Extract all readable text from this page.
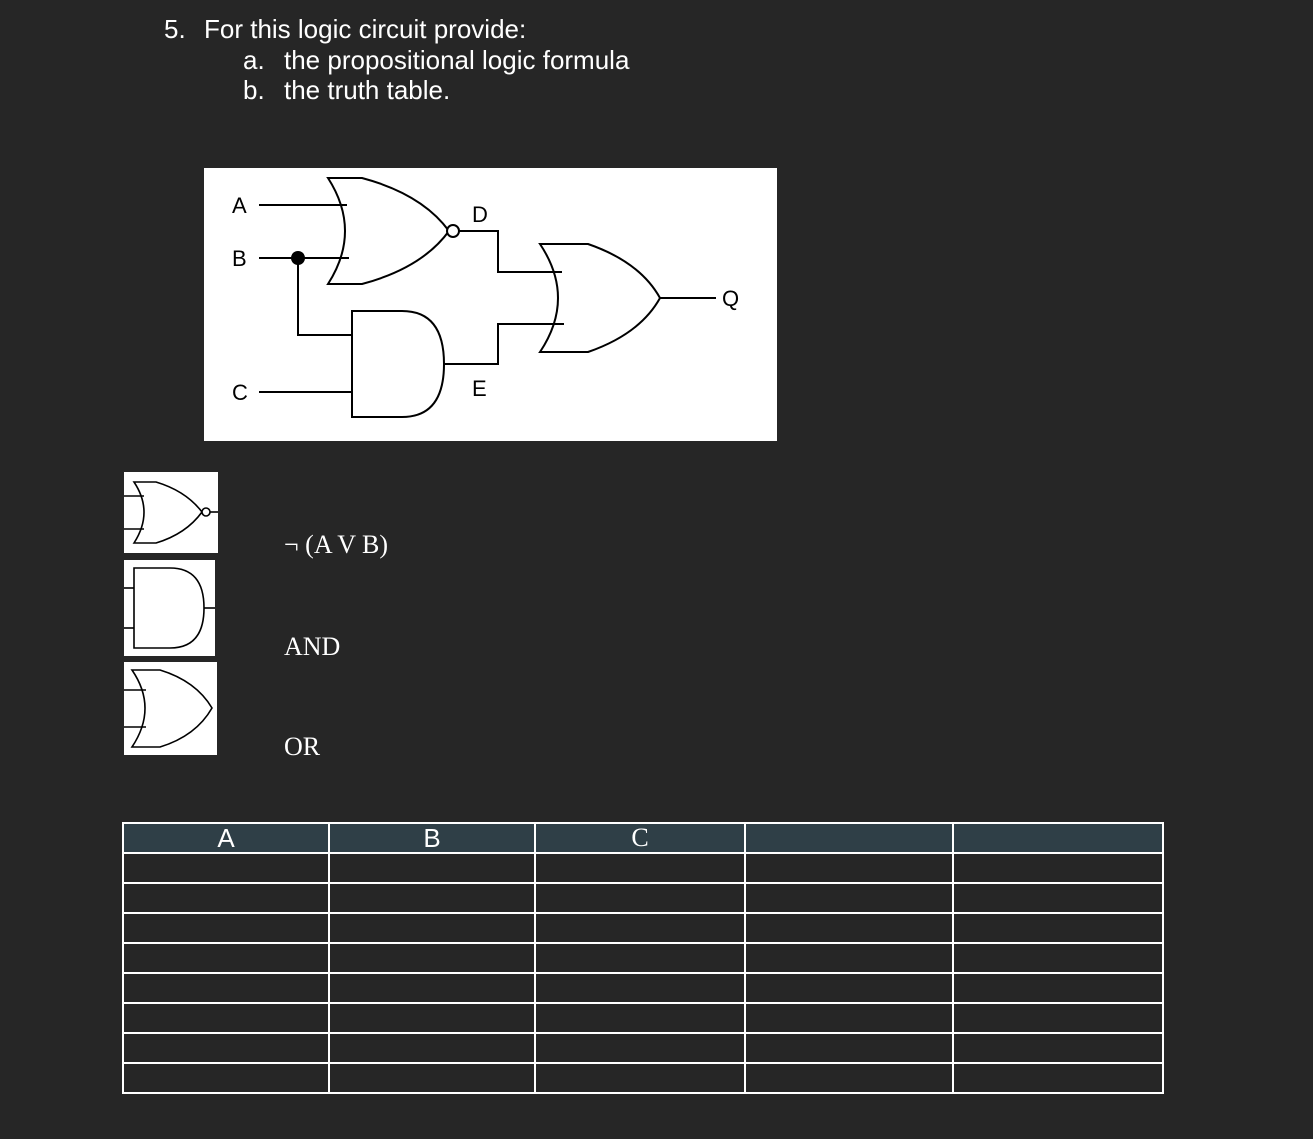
5. For this logic circuit provide:
a. the propositional logic formula
b. the truth table.
A
B
C
D
E
Q
¬ (A V B)
AND
OR
A	B	C		
